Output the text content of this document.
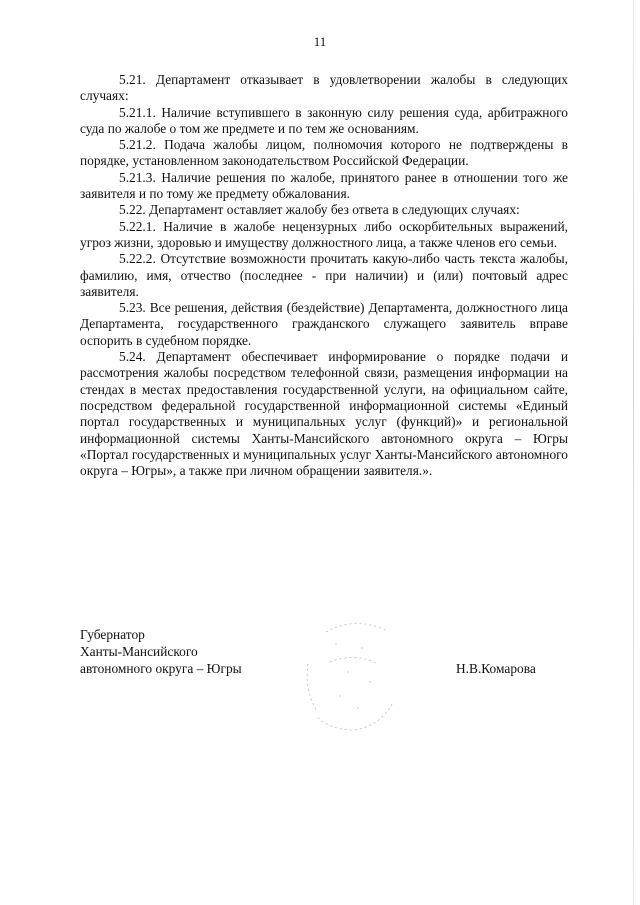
11

5.21. Департамент отказывает в удовлетворении жалобы в следующих случаях:

5.21.1. Наличие вступившего в законную силу решения суда, арбитражного суда по жалобе о том же предмете и по тем же основаниям.

5.21.2. Подача жалобы лицом, полномочия которого не подтверждены в порядке, установленном законодательством Российской Федерации.

5.21.3. Наличие решения по жалобе, принятого ранее в отношении того же заявителя и по тому же предмету обжалования.

5.22. Департамент оставляет жалобу без ответа в следующих случаях:

5.22.1. Наличие в жалобе нецензурных либо оскорбительных выражений, угроз жизни, здоровью и имуществу должностного лица, а также членов его семьи.

5.22.2. Отсутствие возможности прочитать какую-либо часть текста жалобы, фамилию, имя, отчество (последнее - при наличии) и (или) почтовый адрес заявителя.

5.23. Все решения, действия (бездействие) Департамента, должностного лица Департамента, государственного гражданского служащего заявитель вправе оспорить в судебном порядке.

5.24. Департамент обеспечивает информирование о порядке подачи и рассмотрения жалобы посредством телефонной связи, размещения информации на стендах в местах предоставления государственной услуги, на официальном сайте, посредством федеральной государственной информационной системы «Единый портал государственных и муниципальных услуг (функций)» и региональной информационной системы Ханты-Мансийского автономного округа – Югры «Портал государственных и муниципальных услуг Ханты-Мансийского автономного округа – Югры», а также при личном обращении заявителя.».

Губернатор
Ханты-Мансийского
автономного округа – Югры	Н.В.Комарова
